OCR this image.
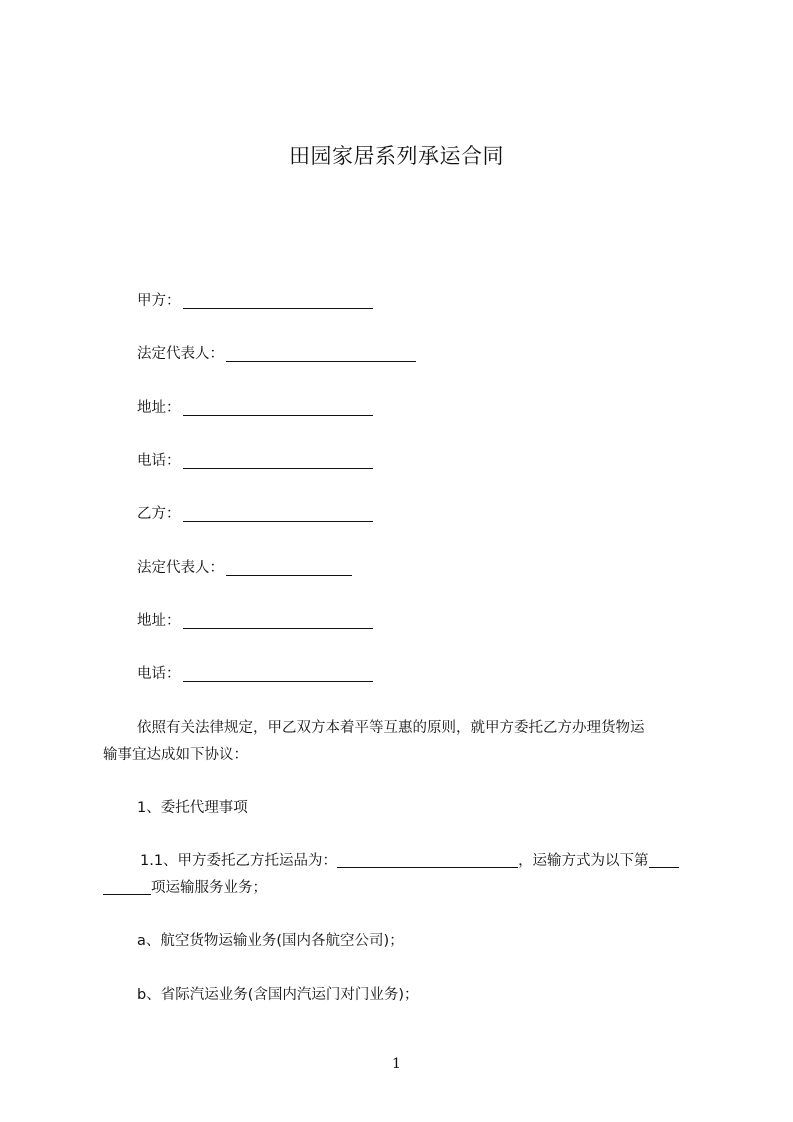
田园家居系列承运合同
甲方：
法定代表人：
地址：
电话：
乙方：
法定代表人：
地址：
电话：
依照有关法律规定，甲乙双方本着平等互惠的原则，就甲方委托乙方办理货物运
输事宜达成如下协议：
1、委托代理事项
1.1、甲方委托乙方托运品为：	，运输方式为以下第
项运输服务业务；
a、航空货物运输业务(国内各航空公司)；
b、省际汽运业务(含国内汽运门对门业务)；
1
